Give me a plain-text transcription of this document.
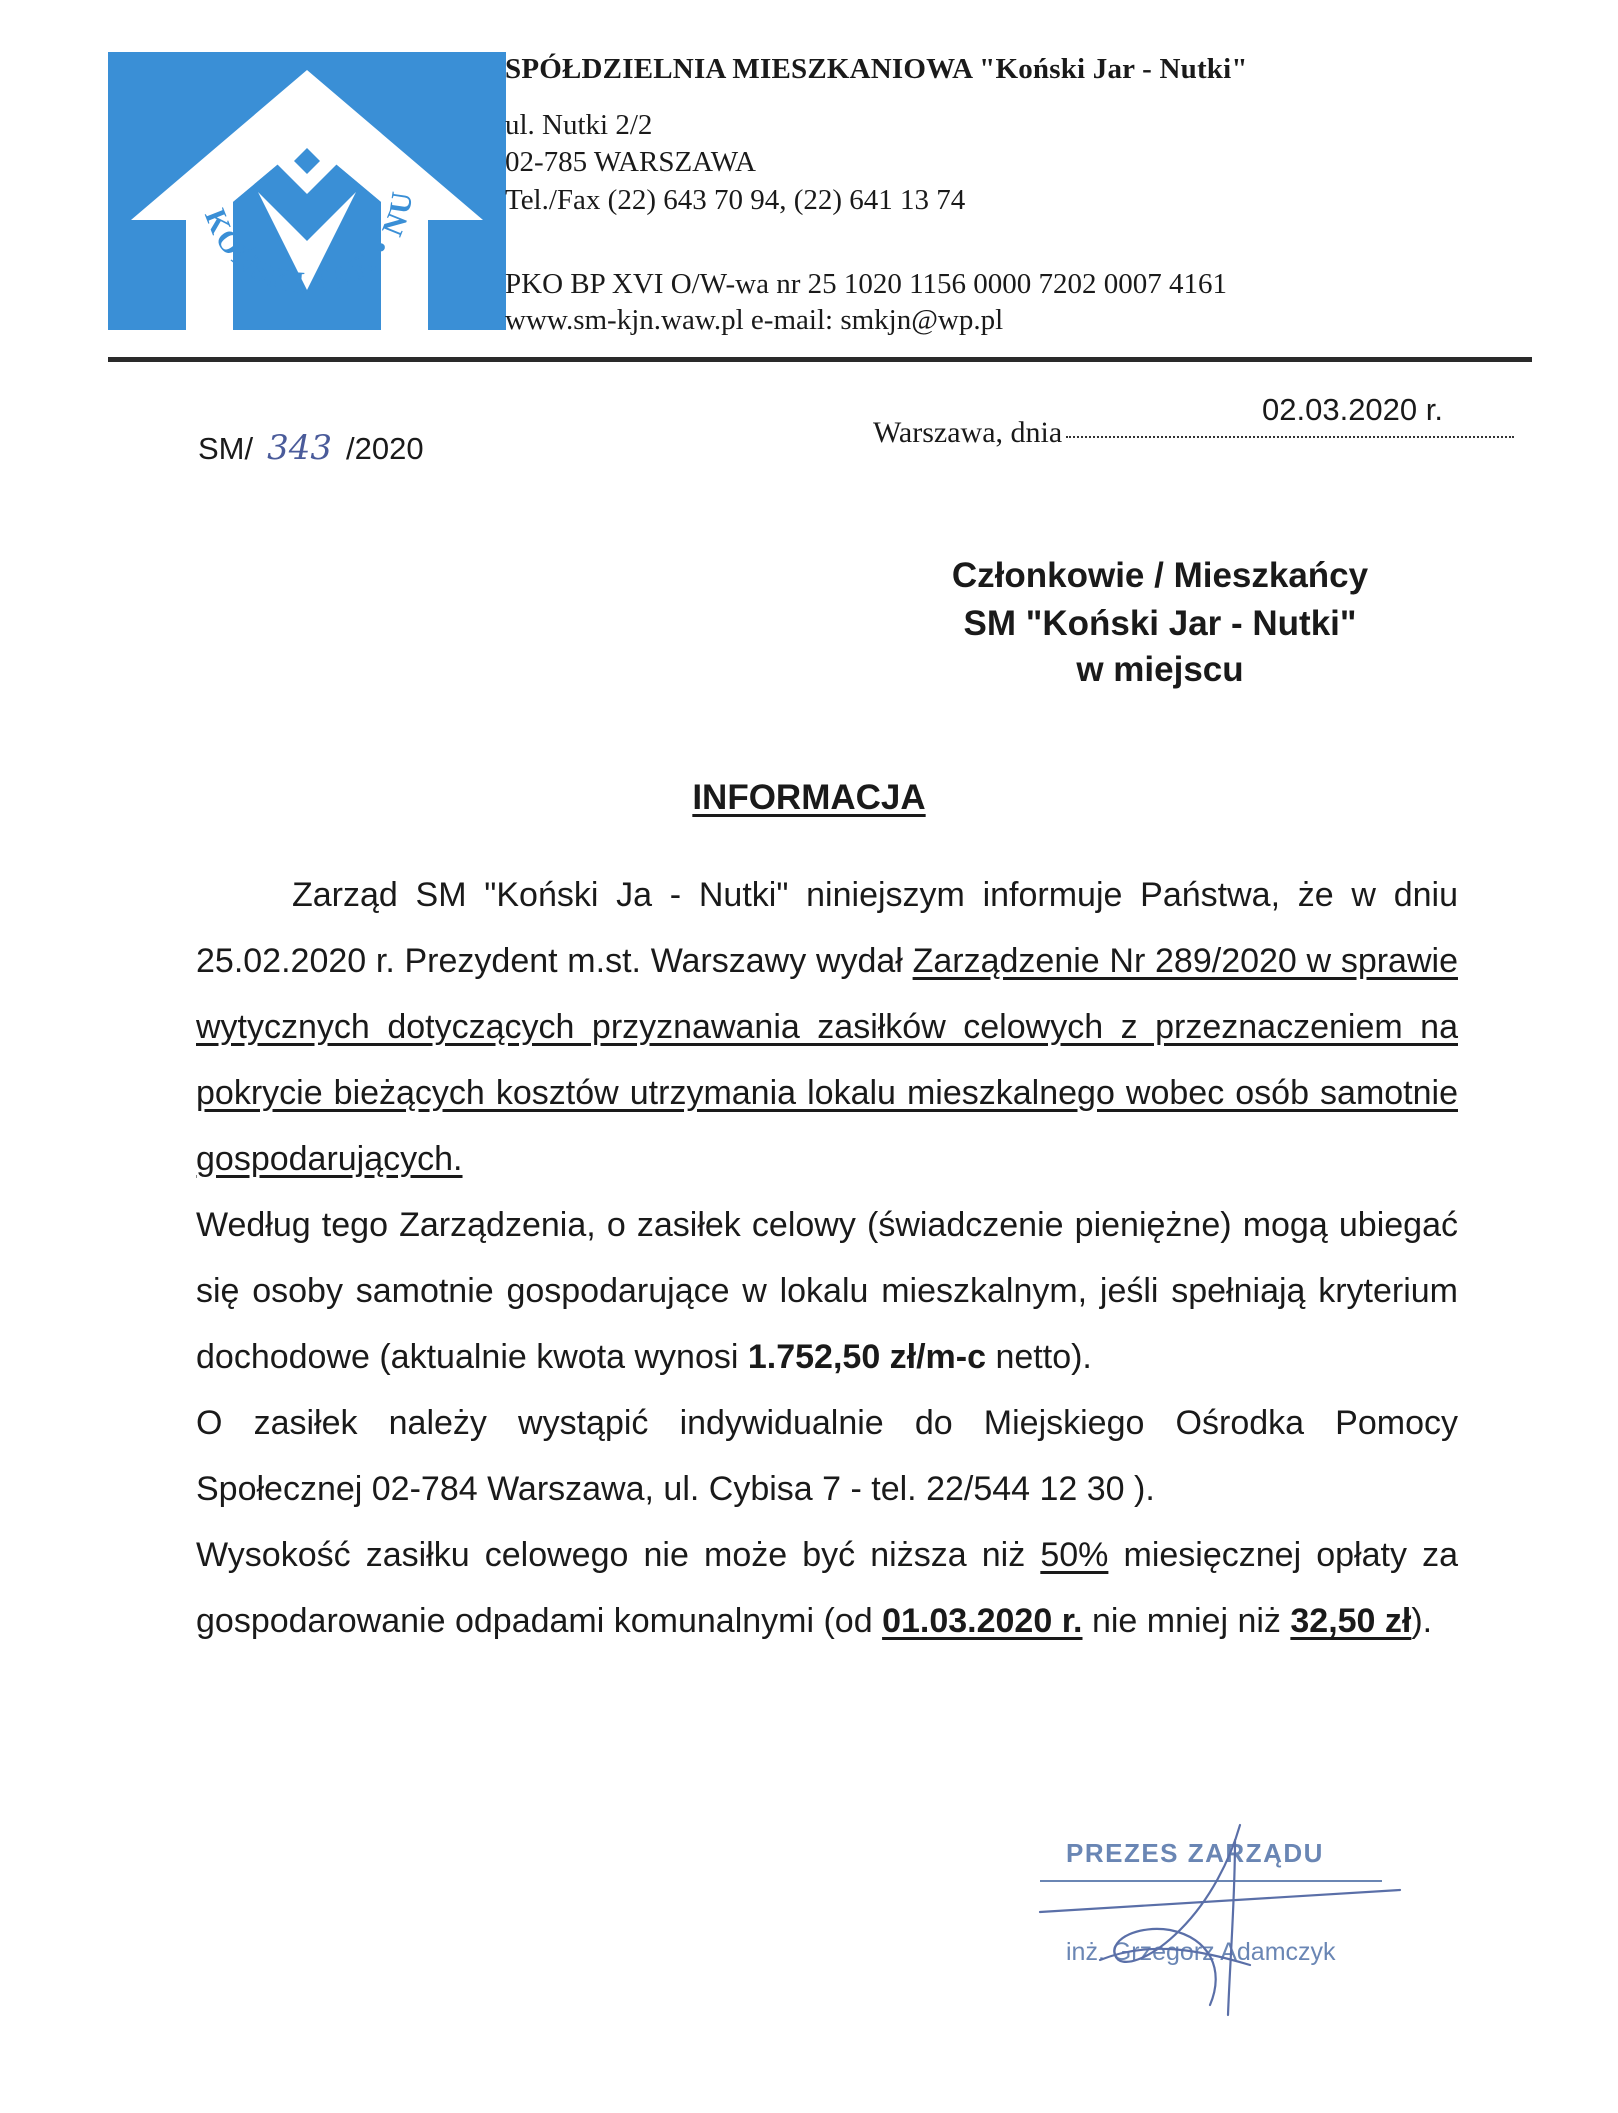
KOŃSKI JAR • NU
SPÓŁDZIELNIA MIESZKANIOWA "Koński Jar - Nutki"
ul. Nutki 2/2
02-785 WARSZAWA
Tel./Fax (22) 643 70 94, (22) 641 13 74
PKO BP XVI O/W-wa nr 25 1020 1156 0000 7202 0007 4161
www.sm-kjn.waw.pl e-mail: smkjn@wp.pl
SM/ 343 /2020
02.03.2020 r.
Warszawa, dnia
Członkowie / Mieszkańcy
SM "Koński Jar - Nutki"
w miejscu
INFORMACJA

Zarząd SM "Koński Ja - Nutki" niniejszym informuje Państwa, że w dniu 25.02.2020 r. Prezydent m.st. Warszawy wydał Zarządzenie Nr 289/2020 w sprawie wytycznych dotyczących przyznawania zasiłków celowych z przeznaczeniem na pokrycie bieżących kosztów utrzymania lokalu mieszkalnego wobec osób samotnie gospodarujących.

Według tego Zarządzenia, o zasiłek celowy (świadczenie pieniężne) mogą ubiegać się osoby samotnie gospodarujące w lokalu mieszkalnym, jeśli spełniają kryterium dochodowe (aktualnie kwota wynosi 1.752,50 zł/m-c netto).

O zasiłek należy wystąpić indywidualnie do Miejskiego Ośrodka Pomocy Społecznej 02-784 Warszawa, ul. Cybisa 7 - tel. 22/544 12 30 ).

Wysokość zasiłku celowego nie może być niższa niż 50% miesięcznej opłaty za gospodarowanie odpadami komunalnymi (od 01.03.2020 r. nie mniej niż 32,50 zł).

PREZES ZARZĄDU
inż. Grzegorz Adamczyk
